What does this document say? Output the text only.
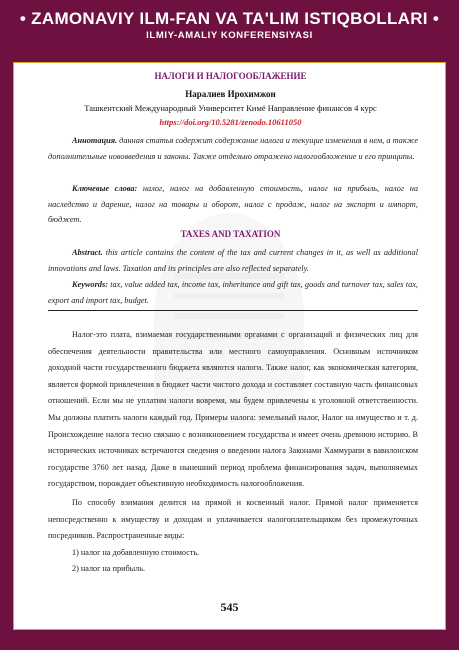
• ZAMONAVIY ILM-FAN VA TA'LIM ISTIQBOLLARI •
ILMIY-AMALIY KONFERENSIYASI
НАЛОГИ И НАЛОГООБЛАЖЕНИЕ
Наралиев Ирохимжон
Ташкентский Международный Университет Кимё Направление финансов 4 курс
https://doi.org/10.5281/zenodo.10611050
Аннотация. данная статья содержит содержание налога и текущие изменения в нем, а также дополнительные нововведения и законы. Также отдельно отражено налогообложение и его принципы.
Ключевые слова: налог, налог на добавленную стоимость, налог на прибыль, налог на наследство и дарение, налог на товары и оборот, налог с продаж, налог на экспорт и импорт, бюджет.
TAXES AND TAXATION
Abstract. this article contains the content of the tax and current changes in it, as well as additional innovations and laws. Taxation and its principles are also reflected separately.
Keywords: tax, value added tax, income tax, inheritance and gift tax, goods and turnover tax, sales tax, export and import tax, budget.
Налог-это плата, взимаемая государственными органами с организаций и физических лиц для обеспечения деятельности правительства или местного самоуправления. Основным источником доходной части государственного бюджета являются налоги. Также налог, как экономическая категория, является формой привлечения в бюджет части чистого дохода и составляет составную часть финансовых отношений. Если мы не уплатим налоги вовремя, мы будем привлечены к уголовной ответственности. Мы должны платить налоги каждый год. Примеры налога: земельный налог, Налог на имущество и т. д. Происхождение налога тесно связано с возникновением государства и имеет очень древнюю историю. В исторических источниках встречаются сведения о введении налога Законами Хаммурапи в вавилонском государстве 3760 лет назад. Даже в нынешний период проблема финансирования задач, выполняемых государством, порождает объективную необходимость налогообложения.
По способу взимания делится на прямой и косвенный налог. Прямой налог применяется непосредственно к имуществу и доходам и уплачивается налогоплательщиком без промежуточных посредников. Распространенные виды:
1) налог на добавленную стоимость.
2) налог на прибыль.
545
